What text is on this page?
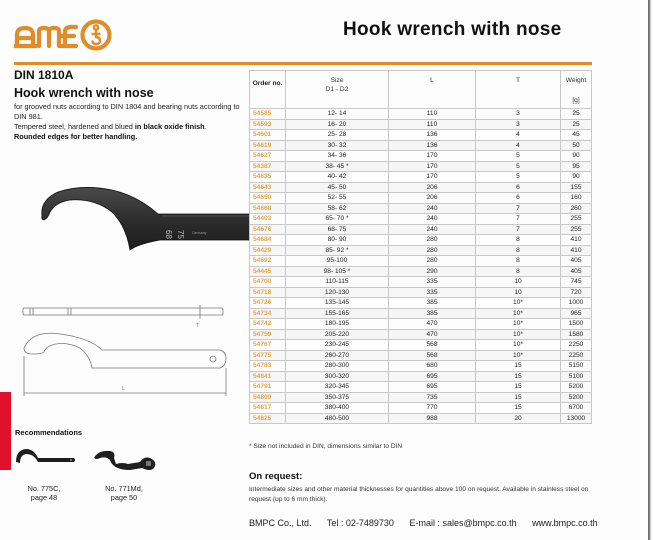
Hook wrench with nose
DIN 1810A
Hook wrench with nose
for grooved nuts according to DIN 1804 and bearing nuts according to DIN 981.
Tempered steel, hardened and blued in black oxide finish.
Rounded edges for better handling.
68 75 Germany
T
L
Recommendations
No. 775C,
page 48
No. 771Md,
page 50
Order no.	Size
D1 - D2
	L	T	Weight
[g]

54585	12- 14	110	3	25
54593	16- 20	110	3	25
54601	25- 28	136	4	45
54619	30- 32	136	4	50
54627	34- 36	170	5	90
54387	38- 45 *	170	5	95
54635	40- 42	170	5	90
54643	45- 50	206	6	155
54650	52- 55	206	6	160
54668	58- 62	240	7	260
54403	65- 70 *	240	7	255
54676	68- 75	240	7	255
54684	80- 90	280	8	410
54429	85- 92 *	280	8	410
54692	95-100	280	8	405
54445	98- 105 *	290	8	405
54700	110-115	335	10	745
54718	120-130	335	10	720
54726	135-145	385	10*	1000
54734	155-165	385	10*	965
54742	180-195	470	10*	1500
54759	205-220	470	10*	1580
54767	230-245	568	10*	2250
54775	260-270	568	10*	2250
54783	280-300	680	15	5150
54841	300-320	695	15	5100
54791	320-345	695	15	5200
54809	350-375	735	15	5200
54817	380-400	770	15	6700
54825	480-500	988	20	13000
* Size not included in DIN, dimensions similar to DIN
On request:
Intermediate sizes and other material thicknesses for quantities above 100 on request. Available in stainless steel on request (up to 6 mm thick).
BMPC Co., Ltd. Tel : 02-7489730 E-mail : sales@bmpc.co.th www.bmpc.co.th
